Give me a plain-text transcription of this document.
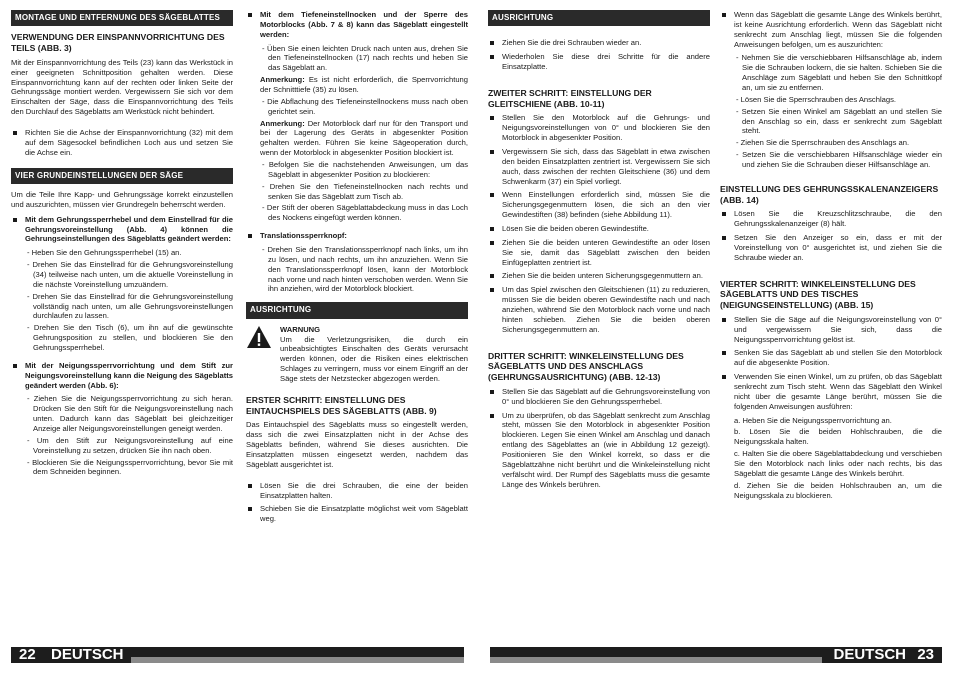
MONTAGE UND ENTFERNUNG DES SÄGEBLATTES
VERWENDUNG DER EINSPANNVORRICHTUNG DES TEILS (ABB. 3)

Mit der Einspannvorrichtung des Teils (23) kann das Werkstück in einer geeigneten Schnittposition gehalten werden. Diese Einspannvorrichtung kann auf der rechten oder linken Seite der Gehrungssäge montiert werden. Vergewissern Sie sich vor dem Einschalten der Säge, dass die Einspannvorrichtung des Teils den Durchlauf des Sägeblatts am Werkstück nicht behindert.

Richten Sie die Achse der Einspannvorrichtung (32) mit dem auf dem Sägesockel befindlichen Loch aus und setzen Sie die Achse ein.
VIER GRUNDEINSTELLUNGEN DER SÄGE

Um die Teile Ihre Kapp- und Gehrungssäge korrekt einzustellen und auszurichten, müssen vier Grundregeln beherrscht werden.

Mit dem Gehrungssperrhebel und dem Einstellrad für die Gehrungsvoreinstellung (Abb. 4) können die Gehrungseinstellungen des Sägeblatts geändert werden:
- Heben Sie den Gehrungssperrhebel (15) an.
- Drehen Sie das Einstellrad für die Gehrungsvoreinstellung (34) teilweise nach unten, um die aktuelle Voreinstellung in die nächste Voreinstellung umzuändern.
- Drehen Sie das Einstellrad für die Gehrungsvoreinstellung vollständig nach unten, um alle Gehrungsvoreinstellungen durchlaufen zu lassen.
- Drehen Sie den Tisch (6), um ihn auf die gewünschte Gehrungsposition zu stellen, und blockieren Sie den Gehrungssperrhebel.
Mit der Neigungssperrvorrichtung und dem Stift zur Neigungsvoreinstellung kann die Neigung des Sägeblatts geändert werden (Abb. 6):
- Ziehen Sie die Neigungssperrvorrichtung zu sich heran. Drücken Sie den Stift für die Neigungsvoreinstellung nach unten. Dadurch kann das Sägeblatt bei gleichzeitiger Anzeige aller Neigungsvoreinstellungen geneigt werden.
- Um den Stift zur Neigungsvoreinstellung auf eine Voreinstellung zu setzen, drücken Sie ihn nach oben.
- Blockieren Sie die Neigungssperrvorrichtung, bevor Sie mit dem Schneiden beginnen.
Mit dem Tiefeneinstellnocken und der Sperre des Motorblocks (Abb. 7 & 8) kann das Sägeblatt eingestellt werden:
- Üben Sie einen leichten Druck nach unten aus, drehen Sie den Tiefeneinstellnocken (17) nach rechts und heben Sie das Sägeblatt an.
Anmerkung: Es ist nicht erforderlich, die Sperrvorrichtung der Schnitttiefe (35) zu lösen.
- Die Abflachung des Tiefeneinstellnockens muss nach oben gerichtet sein.
Anmerkung: Der Motorblock darf nur für den Transport und bei der Lagerung des Geräts in abgesenkter Position gehalten werden. Führen Sie keine Sägeoperation durch, wenn der Motorblock in abgesenkter Position blockiert ist.
- Befolgen Sie die nachstehenden Anweisungen, um das Sägeblatt in abgesenkter Position zu blockieren:
- Drehen Sie den Tiefeneinstellnocken nach rechts und senken Sie das Sägeblatt zum Tisch ab.
- Der Stift der oberen Sägeblattabdeckung muss in das Loch des Nockens eingefügt werden können.
Translationssperrknopf:
- Drehen Sie den Translationssperrknopf nach links, um ihn zu lösen, und nach rechts, um ihn anzuziehen. Wenn Sie den Translationssperrknopf lösen, kann der Motorblock nach vorne und nach hinten verschoben werden. Wenn Sie ihn anziehen, wird der Motorblock blockiert.
AUSRICHTUNG
WARNUNG

Um die Verletzungsrisiken, die durch ein unbeabsichtigtes Einschalten des Geräts verursacht werden können, oder die Risiken eines elektrischen Schlages zu verringern, muss vor einem Eingriff an der Säge stets der Netzstecker abgezogen werden.

ERSTER SCHRITT: EINSTELLUNG DES EINTAUCHSPIELS DES SÄGEBLATTS (ABB. 9)

Das Eintauchspiel des Sägeblatts muss so eingestellt werden, dass sich die zwei Einsatzplatten nicht in der Achse des Sägeblatts befinden, während Sie dieses ausrichten. Die Einsatzplatten müssen eingesetzt werden, nachdem das Sägeblatt ausgerichtet ist.

Lösen Sie die drei Schrauben, die eine der beiden Einsatzplatten halten.
Schieben Sie die Einsatzplatte möglichst weit vom Sägeblatt weg.
AUSRICHTUNG
Ziehen Sie die drei Schrauben wieder an.
Wiederholen Sie diese drei Schritte für die andere Einsatzplatte.
ZWEITER SCHRITT: EINSTELLUNG DER GLEITSCHIENE (ABB. 10-11)
Stellen Sie den Motorblock auf die Gehrungs- und Neigungsvoreinstellungen von 0° und blockieren Sie den Motorblock in abgesenkter Position.
Vergewissern Sie sich, dass das Sägeblatt in etwa zwischen den beiden Einsatzplatten zentriert ist. Vergewissern Sie sich auch, dass zwischen der rechten Gleitschiene (36) und dem Schwenkarm (37) ein Spiel vorliegt.
Wenn Einstellungen erforderlich sind, müssen Sie die Sicherungsgegenmuttern lösen, die sich an den vier Gewindestiften (38) befinden (siehe Abbildung 11).
Lösen Sie die beiden oberen Gewindestifte.
Ziehen Sie die beiden unteren Gewindestifte an oder lösen Sie sie, damit das Sägeblatt zwischen den beiden Einfügeplatten zentriert ist.
Ziehen Sie die beiden unteren Sicherungsgegenmuttern an.
Um das Spiel zwischen den Gleitschienen (11) zu reduzieren, müssen Sie die beiden oberen Gewindestifte nach und nach anziehen, während Sie den Motorblock nach vorne und nach hinten schieben. Ziehen Sie die beiden oberen Sicherungsgegenmuttern an.
DRITTER SCHRITT: WINKELEINSTELLUNG DES SÄGEBLATTS UND DES ANSCHLAGS (GEHRUNGSAUSRICHTUNG) (ABB. 12-13)
Stellen Sie das Sägeblatt auf die Gehrungsvoreinstellung von 0° und blockieren Sie den Gehrungssperrhebel.
Um zu überprüfen, ob das Sägeblatt senkrecht zum Anschlag steht, müssen Sie den Motorblock in abgesenkter Position blockieren. Legen Sie einen Winkel am Anschlag und danach entlang des Sägeblattes an (wie in Abbildung 12 gezeigt). Positionieren Sie den Winkel korrekt, so dass er die Sägeblattzähne nicht berührt und die Winkeleinstellung nicht verfälscht wird. Der Rumpf des Sägeblatts muss die gesamte Länge des Winkels berühren.
Wenn das Sägeblatt die gesamte Länge des Winkels berührt, ist keine Ausrichtung erforderlich. Wenn das Sägeblatt nicht senkrecht zum Anschlag liegt, müssen Sie die folgenden Anweisungen befolgen, um es auszurichten:
- Nehmen Sie die verschiebbaren Hilfsanschläge ab, indem Sie die Schrauben lockern, die sie halten. Schieben Sie die Anschläge zum Sägeblatt und heben Sie den Schnittkopf an, um sie zu entfernen.
- Lösen Sie die Sperrschrauben des Anschlags.
- Setzen Sie einen Winkel am Sägeblatt an und stellen Sie den Anschlag so ein, dass er senkrecht zum Sägeblatt steht.
- Ziehen Sie die Sperrschrauben des Anschlags an.
- Setzen Sie die verschiebbaren Hilfsanschläge wieder ein und ziehen Sie die Schrauben dieser Hilfsanschläge an.
EINSTELLUNG DES GEHRUNGSSKALENANZEIGERS (ABB. 14)
Lösen Sie die Kreuzschlitzschraube, die den Gehrungsskalenanzeiger (8) hält.
Setzen Sie den Anzeiger so ein, dass er mit der Voreinstellung von 0° ausgerichtet ist, und ziehen Sie die Schraube wieder an.
VIERTER SCHRITT: WINKELEINSTELLUNG DES SÄGEBLATTS UND DES TISCHES (NEIGUNGSEINSTELLUNG) (ABB. 15)
Stellen Sie die Säge auf die Neigungsvoreinstellung von 0° und vergewissern Sie sich, dass die Neigungssperrvorrichtung gelöst ist.
Senken Sie das Sägeblatt ab und stellen Sie den Motorblock auf die abgesenkte Position.
Verwenden Sie einen Winkel, um zu prüfen, ob das Sägeblatt senkrecht zum Tisch steht. Wenn das Sägeblatt den Winkel nicht über die gesamte Länge berührt, müssen Sie die folgenden Anweisungen ausführen:
a. Heben Sie die Neigungssperrvorrichtung an.
b. Lösen Sie die beiden Hohlschrauben, die die Neigungsskala halten.
c. Halten Sie die obere Sägeblattabdeckung und verschieben Sie den Motorblock nach links oder nach rechts, bis das Sägeblatt die gesamte Länge des Winkels berührt.
d. Ziehen Sie die beiden Hohlschrauben an, um die Neigungsskala zu blockieren.
22 DEUTSCH	DEUTSCH 23
